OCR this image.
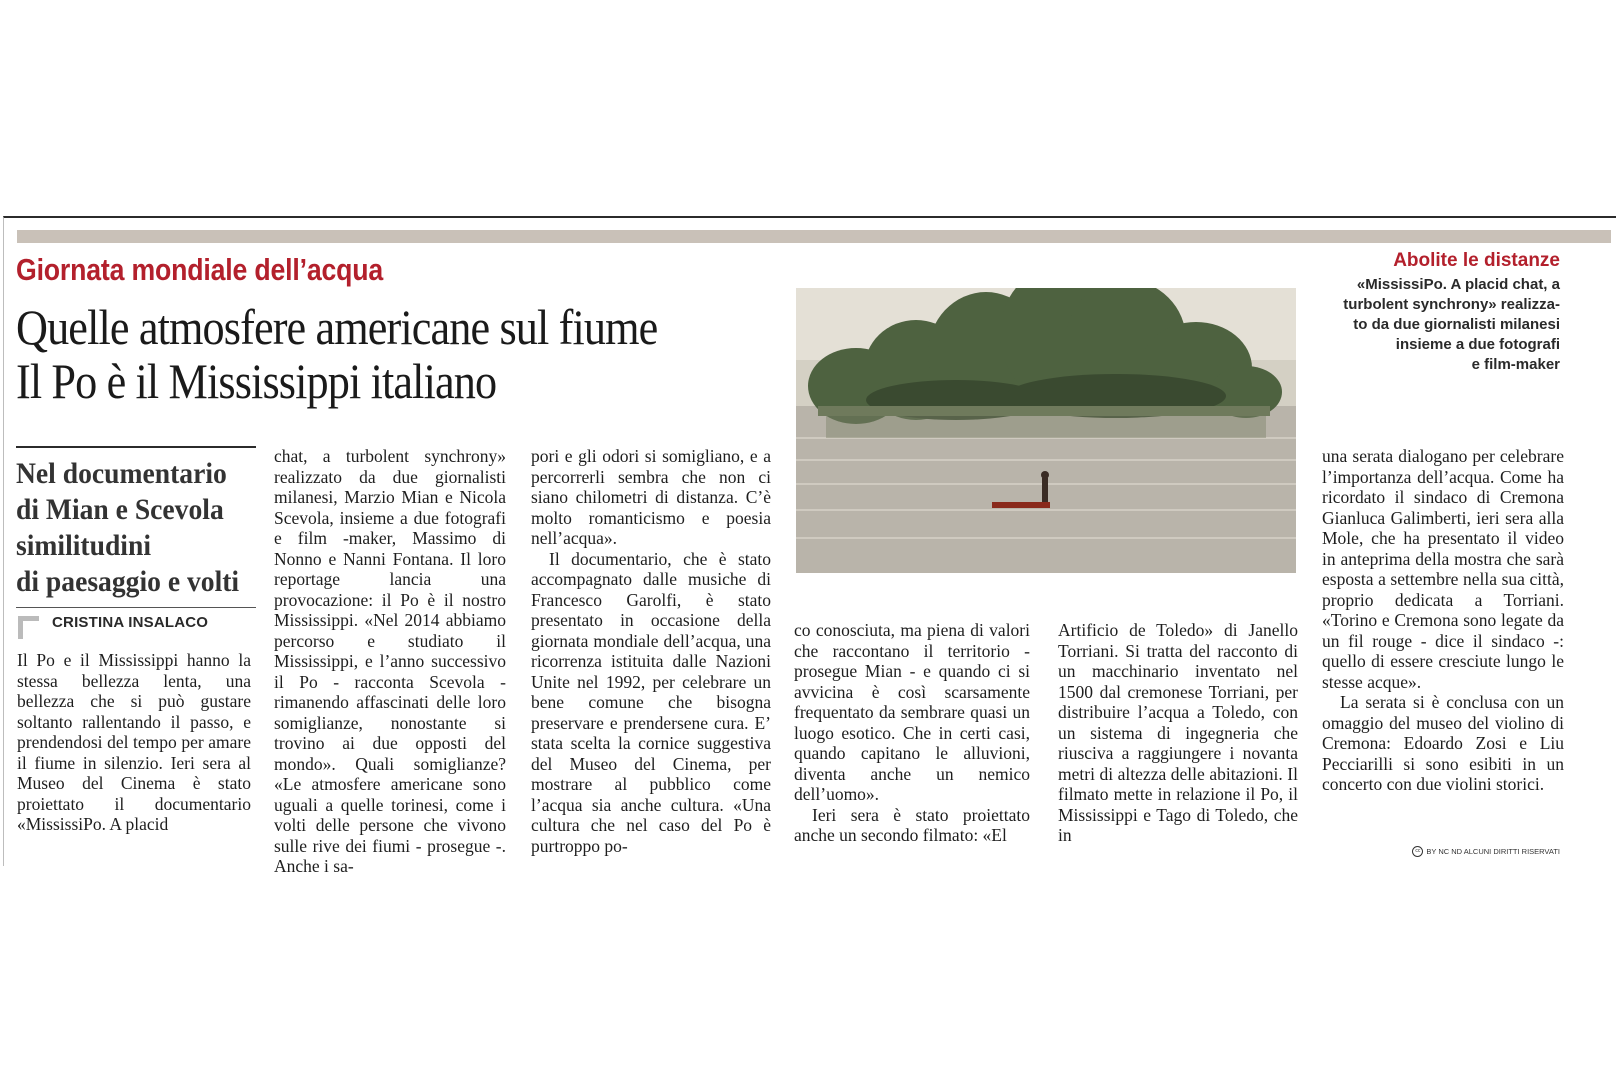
Giornata mondiale dell’acqua
Quelle atmosfere americane sul fiume
Il Po è il Mississippi italiano
Nel documentario
di Mian e Scevola
similitudini
di paesaggio e volti
CRISTINA INSALACO

Il Po e il Mississippi hanno la stessa bellezza lenta, una bellezza che si può gustare soltanto rallentando il passo, e prendendosi del tempo per amare il fiume in silenzio. Ieri sera al Museo del Cinema è stato proiettato il documentario «MississiPo. A placid

chat, a turbolent synchrony» realizzato da due giornalisti milanesi, Marzio Mian e Nicola Scevola, insieme a due fotografi e film -maker, Massimo di Nonno e Nanni Fontana. Il loro reportage lancia una provocazione: il Po è il nostro Mississippi. «Nel 2014 abbiamo percorso e studiato il Mississippi, e l’anno successivo il Po - racconta Scevola - rimanendo affascinati delle loro somiglianze, nonostante si trovino ai due opposti del mondo». Quali somiglianze? «Le atmosfere americane sono uguali a quelle torinesi, come i volti delle persone che vivono sulle rive dei fiumi - prosegue -. Anche i sa-

pori e gli odori si somigliano, e a percorrerli sembra che non ci siano chilometri di distanza. C’è molto romanticismo e poesia nell’acqua».

Il documentario, che è stato accompagnato dalle musiche di Francesco Garolfi, è stato presentato in occasione della giornata mondiale dell’acqua, una ricorrenza istituita dalle Nazioni Unite nel 1992, per celebrare un bene comune che bisogna preservare e prendersene cura. E’ stata scelta la cornice suggestiva del Museo del Cinema, per mostrare al pubblico come l’acqua sia anche cultura. «Una cultura che nel caso del Po è purtroppo po-

co conosciuta, ma piena di valori che raccontano il territorio - prosegue Mian - e quando ci si avvicina è così scarsamente frequentato da sembrare quasi un luogo esotico. Che in certi casi, quando capitano le alluvioni, diventa anche un nemico dell’uomo».

Ieri sera è stato proiettato anche un secondo filmato: «El

Artificio de Toledo» di Janello Torriani. Si tratta del racconto di un macchinario inventato nel 1500 dal cremonese Torriani, per distribuire l’acqua a Toledo, con un sistema di ingegneria che riusciva a raggiungere i novanta metri di altezza delle abitazioni. Il filmato mette in relazione il Po, il Mississippi e Tago di Toledo, che in

una serata dialogano per celebrare l’importanza dell’acqua. Come ha ricordato il sindaco di Cremona Gianluca Galimberti, ieri sera alla Mole, che ha presentato il video in anteprima della mostra che sarà esposta a settembre nella sua città, proprio dedicata a Torriani. «Torino e Cremona sono legate da un fil rouge - dice il sindaco -: quello di essere cresciute lungo le stesse acque».

La serata si è conclusa con un omaggio del museo del violino di Cremona: Edoardo Zosi e Liu Pecciarilli si sono esibiti in un concerto con due violini storici.

Abolite le distanze
«MississiPo. A placid chat, a
turbolent synchrony» realizza-
to da due giornalisti milanesi
insieme a due fotografi
e film-maker
cc BY NC ND ALCUNI DIRITTI RISERVATI
